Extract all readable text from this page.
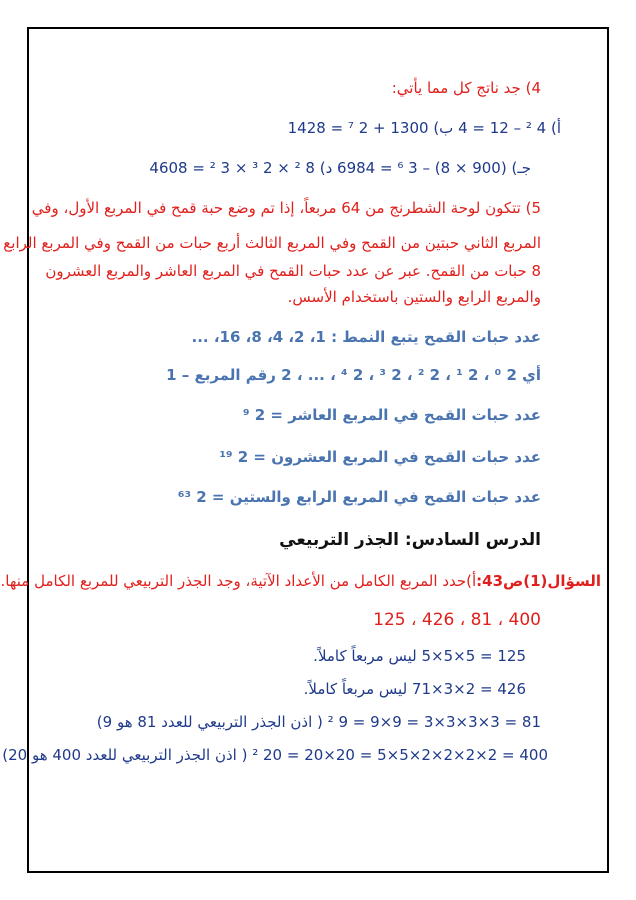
4) جد ناتج كل مما يأتي:
أ) 4 ² – 12 = 4 ب) 1300 + 2 ⁷ = 1428
جـ) (900 × 8) – 3 ⁶ = 6984 د) 8 ² × 2 ³ × 3 ² = 4608
5) تتكون لوحة الشطرنج من 64 مربعاً، إذا تم وضع حبة قمح في المربع الأول، وفي
المربع الثاني حبتين من القمح وفي المربع الثالث أربع حبات من القمح وفي المربع الرابع
8 حبات من القمح. عبر عن عدد حبات القمح في المربع العاشر والمربع العشرون
والمربع الرابع والستين باستخدام الأسس.
عدد حبات القمح يتبع النمط : 1، 2، 4، 8، 16، ...
أي 2 ⁰ ، 2 ¹ ، 2 ² ، 2 ³ ، 2 ⁴ ، ... ، 2 رقم المربع – 1
عدد حبات القمح في المربع العاشر = 2 ⁹
عدد حبات القمح في المربع العشرون = 2 ¹⁹
عدد حبات القمح في المربع الرابع والستين = 2 ⁶³
الدرس السادس: الجذر التربيعي
السؤال(1)ص43:أ)حدد المربع الكامل من الأعداد الآتية، وجد الجذر التربيعي للمربع الكامل منها.
125 ، 426 ، 81 ، 400
125 = 5×5×5 ليس مربعاً كاملاً.
426 = 2×3×71 ليس مربعاً كاملاً.
81 = 3×3×3×3 = 9×9 = 9 ² ( اذن الجذر التربيعي للعدد 81 هو 9)
400 = 2×2×2×2×5×5 = 20×20 = 20 ² ( اذن الجذر التربيعي للعدد 400 هو 20)
